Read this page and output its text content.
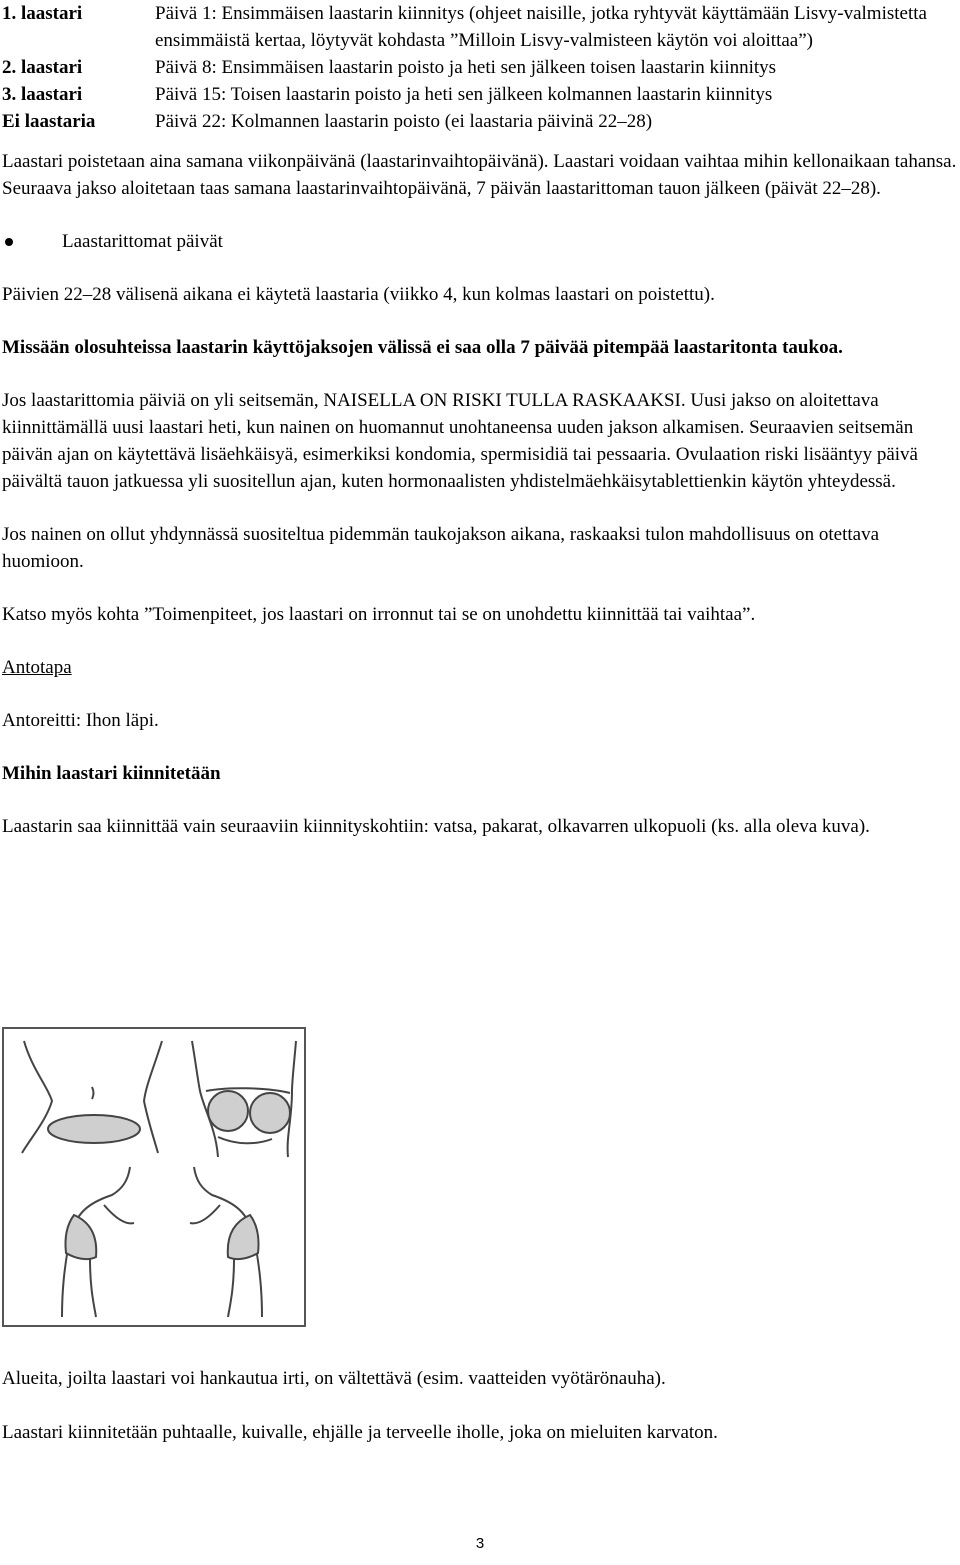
1. laastari	Päivä 1: Ensimmäisen laastarin kiinnitys (ohjeet naisille, jotka ryhtyvät käyttämään Lisvy-valmistetta ensimmäistä kertaa, löytyvät kohdasta ”Milloin Lisvy-valmisteen käytön voi aloittaa”)
2. laastari	Päivä 8: Ensimmäisen laastarin poisto ja heti sen jälkeen toisen laastarin kiinnitys
3. laastari	Päivä 15: Toisen laastarin poisto ja heti sen jälkeen kolmannen laastarin kiinnitys
Ei laastaria	Päivä 22: Kolmannen laastarin poisto (ei laastaria päivinä 22‒28)

Laastari poistetaan aina samana viikonpäivänä (laastarinvaihtopäivänä). Laastari voidaan vaihtaa mihin kellonaikaan tahansa. Seuraava jakso aloitetaan taas samana laastarinvaihtopäivänä, 7 päivän laastarittoman tauon jälkeen (päivät 22‒28).

Laastarittomat päivät

Päivien 22‒28 välisenä aikana ei käytetä laastaria (viikko 4, kun kolmas laastari on poistettu).

Missään olosuhteissa laastarin käyttöjaksojen välissä ei saa olla 7 päivää pitempää laastaritonta taukoa.

Jos laastarittomia päiviä on yli seitsemän, NAISELLA ON RISKI TULLA RASKAAKSI. Uusi jakso on aloitettava kiinnittämällä uusi laastari heti, kun nainen on huomannut unohtaneensa uuden jakson alkamisen. Seuraavien seitsemän päivän ajan on käytettävä lisäehkäisyä, esimerkiksi kondomia, spermisidiä tai pessaaria. Ovulaation riski lisääntyy päivä päivältä tauon jatkuessa yli suositellun ajan, kuten hormonaalisten yhdistelmäehkäisytablettienkin käytön yhteydessä.

Jos nainen on ollut yhdynnässä suositeltua pidemmän taukojakson aikana, raskaaksi tulon mahdollisuus on otettava huomioon.

Katso myös kohta ”Toimenpiteet, jos laastari on irronnut tai se on unohdettu kiinnittää tai vaihtaa”.

Antotapa

Antoreitti: Ihon läpi.

Mihin laastari kiinnitetään

Laastarin saa kiinnittää vain seuraaviin kiinnityskohtiin: vatsa, pakarat, olkavarren ulkopuoli (ks. alla oleva kuva).

Alueita, joilta laastari voi hankautua irti, on vältettävä (esim. vaatteiden vyötärönauha).

Laastari kiinnitetään puhtaalle, kuivalle, ehjälle ja terveelle iholle, joka on mieluiten karvaton.

3
